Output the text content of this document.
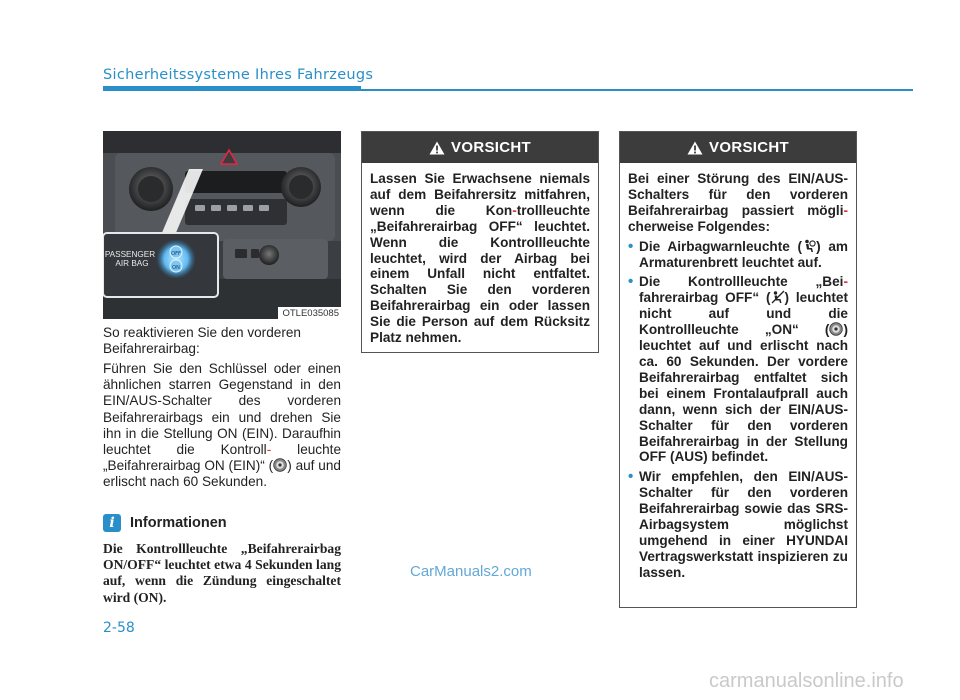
Sicherheitssysteme Ihres Fahrzeugs
OFF
ON
PASSENGER
AIR BAG
OTLE035085
So reaktivieren Sie den vorderen Beifahrerairbag:
Führen Sie den Schlüssel oder einen ähnlichen starren Gegenstand in den EIN/AUS-Schalter des vorderen Beifahrerairbags ein und drehen Sie ihn in die Stellung ON (EIN). Daraufhin leuchtet die Kontroll- leuchte „Beifahrerairbag ON (EIN)“ ( ) auf und erlischt nach 60 Sekunden.
i	Informationen
Die Kontrollleuchte „Beifahrerairbag ON/OFF“ leuchtet etwa 4 Sekunden lang auf, wenn die Zündung eingeschaltet wird (ON).
VORSICHT
Lassen Sie Erwachsene niemals auf dem Beifahrersitz mitfahren, wenn die Kon-trollleuchte „Beifahrerairbag OFF“ leuchtet. Wenn die Kontrollleuchte leuchtet, wird der Airbag bei einem Unfall nicht entfaltet. Schalten Sie den vorderen Beifahrerairbag ein oder lassen Sie die Person auf dem Rücksitz Platz nehmen.
VORSICHT
Bei einer Störung des EIN/AUS-Schalters für den vorderen Beifahrerairbag passiert mögli-cherweise Folgendes:
• Die Airbagwarnleuchte ( ) am Armaturenbrett leuchtet auf.
• Die Kontrollleuchte „Bei-fahrerairbag OFF“ ( ) leuchtet nicht auf und die Kontrollleuchte „ON“ ( ) leuchtet auf und erlischt nach ca. 60 Sekunden. Der vordere Beifahrerairbag entfaltet sich bei einem Frontalaufprall auch dann, wenn sich der EIN/AUS-Schalter für den vorderen Beifahrerairbag in der Stellung OFF (AUS) befindet.
• Wir empfehlen, den EIN/AUS-Schalter für den vorderen Beifahrerairbag sowie das SRS-Airbagsystem möglichst umgehend in einer HYUNDAI Vertragswerkstatt inspizieren zu lassen.
2-58
CarManuals2.com
carmanualsonline.info
